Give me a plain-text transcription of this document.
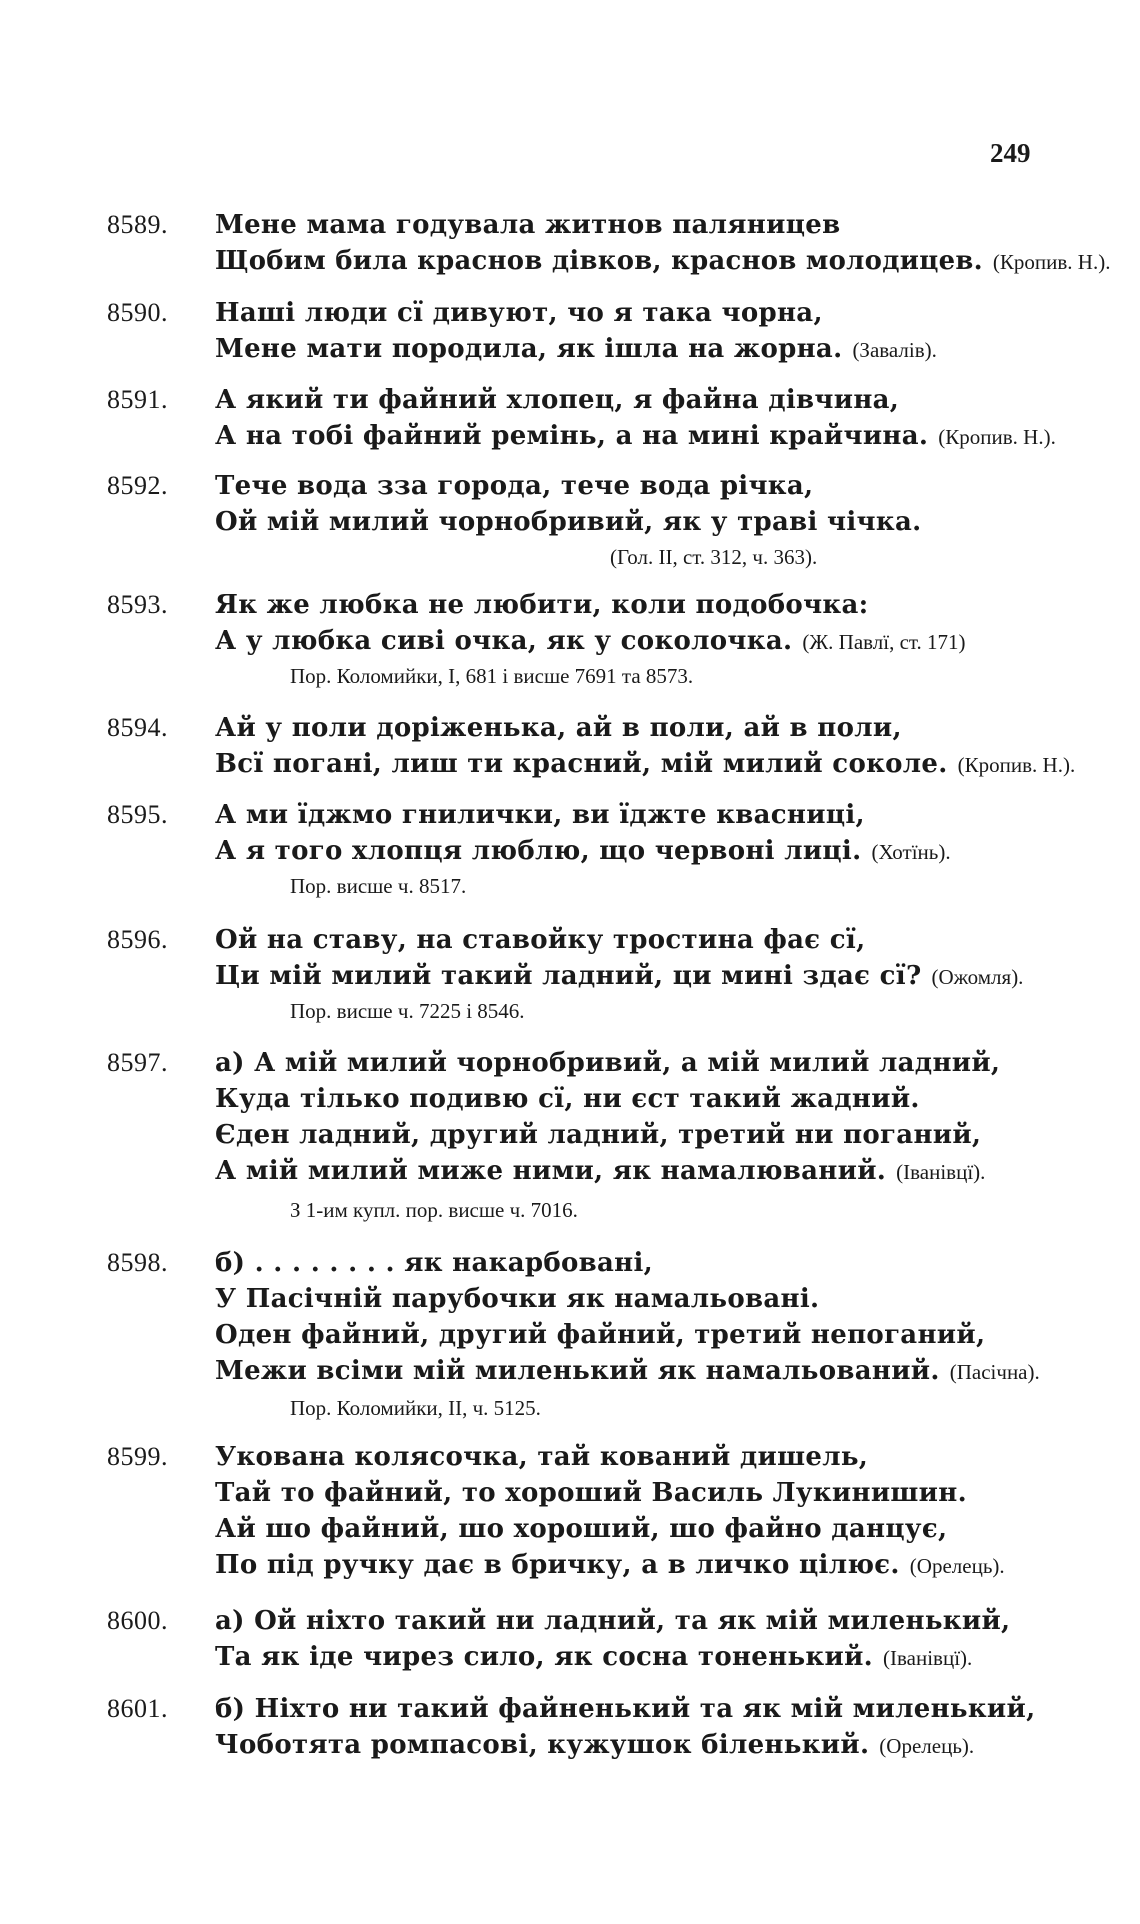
249
8589. Мене мама годувала житнов паляницев
Щобим била краснов дівков, краснов молодицев. (Кропив. Н.).
8590. Наші люди сї дивуют, чо я така чорна,
Мене мати породила, як ішла на жорна. (Завалів).
8591. А який ти файний хлопец, я файна дівчина,
А на тобі файний ремінь, а на мині крайчина. (Кропив. Н.).
8592. Тече вода зза города, тече вода річка,
Ой мій милий чорнобривий, як у траві чічка.
(Гол. II, ст. 312, ч. 363).
8593. Як же любка не любити, коли подобочка:
А у любка сиві очка, як у соколочка. (Ж. Павлї, ст. 171)
Пор. Коломийки, I, 681 і висше 7691 та 8573.
8594. Ай у поли доріженька, ай в поли, ай в поли,
Всї погані, лиш ти красний, мій милий соколе. (Кропив. Н.).
8595. А ми їджмо гнилички, ви їджте квасниці,
А я того хлопця люблю, що червоні лиці. (Хотїнь).
Пор. висше ч. 8517.
8596. Ой на ставу, на ставойку тростина фає сї,
Ци мій милий такий ладний, ци мині здає сї? (Ожомля).
Пор. висше ч. 7225 і 8546.
8597. а) А мій милий чорнобривий, а мій милий ладний,
Куда тілько подивю сї, ни єст такий жадний.
Єден ладний, другий ладний, третий ни поганий,
А мій милий миже ними, як намалюваний. (Іванівцї).
З 1-им купл. пор. висше ч. 7016.
8598. б) . . . . . . . . як накарбовані,
У Пасічній парубочки як намальовані.
Оден файний, другий файний, третий непоганий,
Межи всіми мій миленький як намальований. (Пасічна).
Пор. Коломийки, II, ч. 5125.
8599. Укована колясочка, тай кований дишель,
Тай то файний, то хороший Василь Лукинишин.
Ай шо файний, шо хороший, шо файно данцує,
По під ручку дає в бричку, а в личко цілює. (Орелець).
8600. а) Ой ніхто такий ни ладний, та як мій миленький,
Та як іде чирез сило, як сосна тоненький. (Іванівцї).
8601. б) Ніхто ни такий файненький та як мій миленький,
Чоботята ромпасові, кужушок біленький. (Орелець).
